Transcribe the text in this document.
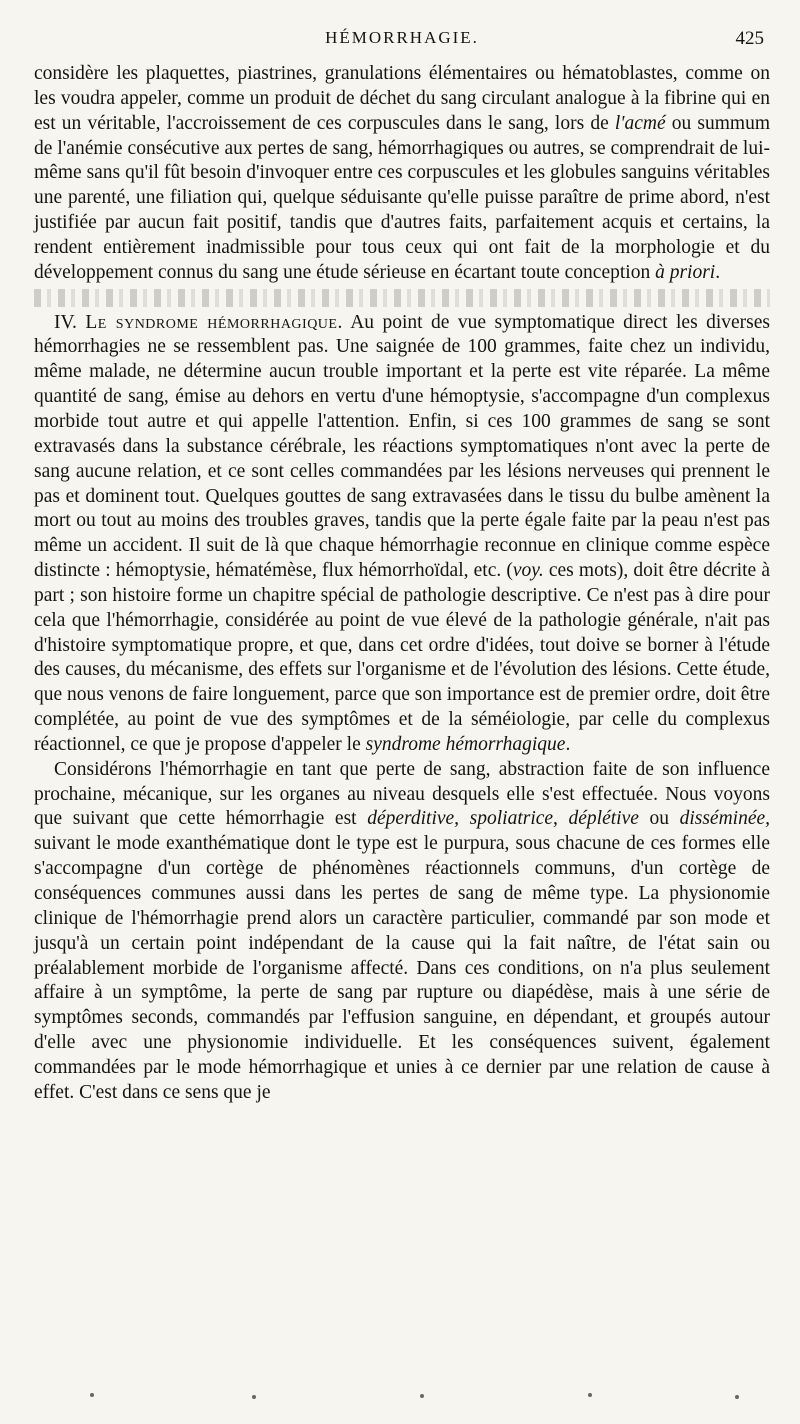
HÉMORRHAGIE.	425

considère les plaquettes, piastrines, granulations élémentaires ou hématoblastes, comme on les voudra appeler, comme un produit de déchet du sang circulant analogue à la fibrine qui en est un véritable, l'accroissement de ces corpuscules dans le sang, lors de l'acmé ou summum de l'anémie consécutive aux pertes de sang, hémorrhagiques ou autres, se comprendrait de lui-même sans qu'il fût besoin d'invoquer entre ces corpuscules et les globules sanguins véritables une parenté, une filiation qui, quelque séduisante qu'elle puisse paraître de prime abord, n'est justifiée par aucun fait positif, tandis que d'autres faits, parfaitement acquis et certains, la rendent entièrement inadmissible pour tous ceux qui ont fait de la morphologie et du développement connus du sang une étude sérieuse en écartant toute conception à priori.

IV. Le syndrome hémorrhagique. Au point de vue symptomatique direct les diverses hémorrhagies ne se ressemblent pas. Une saignée de 100 grammes, faite chez un individu, même malade, ne détermine aucun trouble important et la perte est vite réparée. La même quantité de sang, émise au dehors en vertu d'une hémoptysie, s'accompagne d'un complexus morbide tout autre et qui appelle l'attention. Enfin, si ces 100 grammes de sang se sont extravasés dans la substance cérébrale, les réactions symptomatiques n'ont avec la perte de sang aucune relation, et ce sont celles commandées par les lésions nerveuses qui prennent le pas et dominent tout. Quelques gouttes de sang extravasées dans le tissu du bulbe amènent la mort ou tout au moins des troubles graves, tandis que la perte égale faite par la peau n'est pas même un accident. Il suit de là que chaque hémorrhagie reconnue en clinique comme espèce distincte : hémoptysie, hématémèse, flux hémorrhoïdal, etc. (voy. ces mots), doit être décrite à part ; son histoire forme un chapitre spécial de pathologie descriptive. Ce n'est pas à dire pour cela que l'hémorrhagie, considérée au point de vue élevé de la pathologie générale, n'ait pas d'histoire symptomatique propre, et que, dans cet ordre d'idées, tout doive se borner à l'étude des causes, du mécanisme, des effets sur l'organisme et de l'évolution des lésions. Cette étude, que nous venons de faire longuement, parce que son importance est de premier ordre, doit être complétée, au point de vue des symptômes et de la séméiologie, par celle du complexus réactionnel, ce que je propose d'appeler le syndrome hémorrhagique.

Considérons l'hémorrhagie en tant que perte de sang, abstraction faite de son influence prochaine, mécanique, sur les organes au niveau desquels elle s'est effectuée. Nous voyons que suivant que cette hémorrhagie est déperditive, spoliatrice, déplétive ou disséminée, suivant le mode exanthématique dont le type est le purpura, sous chacune de ces formes elle s'accompagne d'un cortège de phénomènes réactionnels communs, d'un cortège de conséquences communes aussi dans les pertes de sang de même type. La physionomie clinique de l'hémorrhagie prend alors un caractère particulier, commandé par son mode et jusqu'à un certain point indépendant de la cause qui la fait naître, de l'état sain ou préalablement morbide de l'organisme affecté. Dans ces conditions, on n'a plus seulement affaire à un symptôme, la perte de sang par rupture ou diapédèse, mais à une série de symptômes seconds, commandés par l'effusion sanguine, en dépendant, et groupés autour d'elle avec une physionomie individuelle. Et les conséquences suivent, également commandées par le mode hémorrhagique et unies à ce dernier par une relation de cause à effet. C'est dans ce sens que je
